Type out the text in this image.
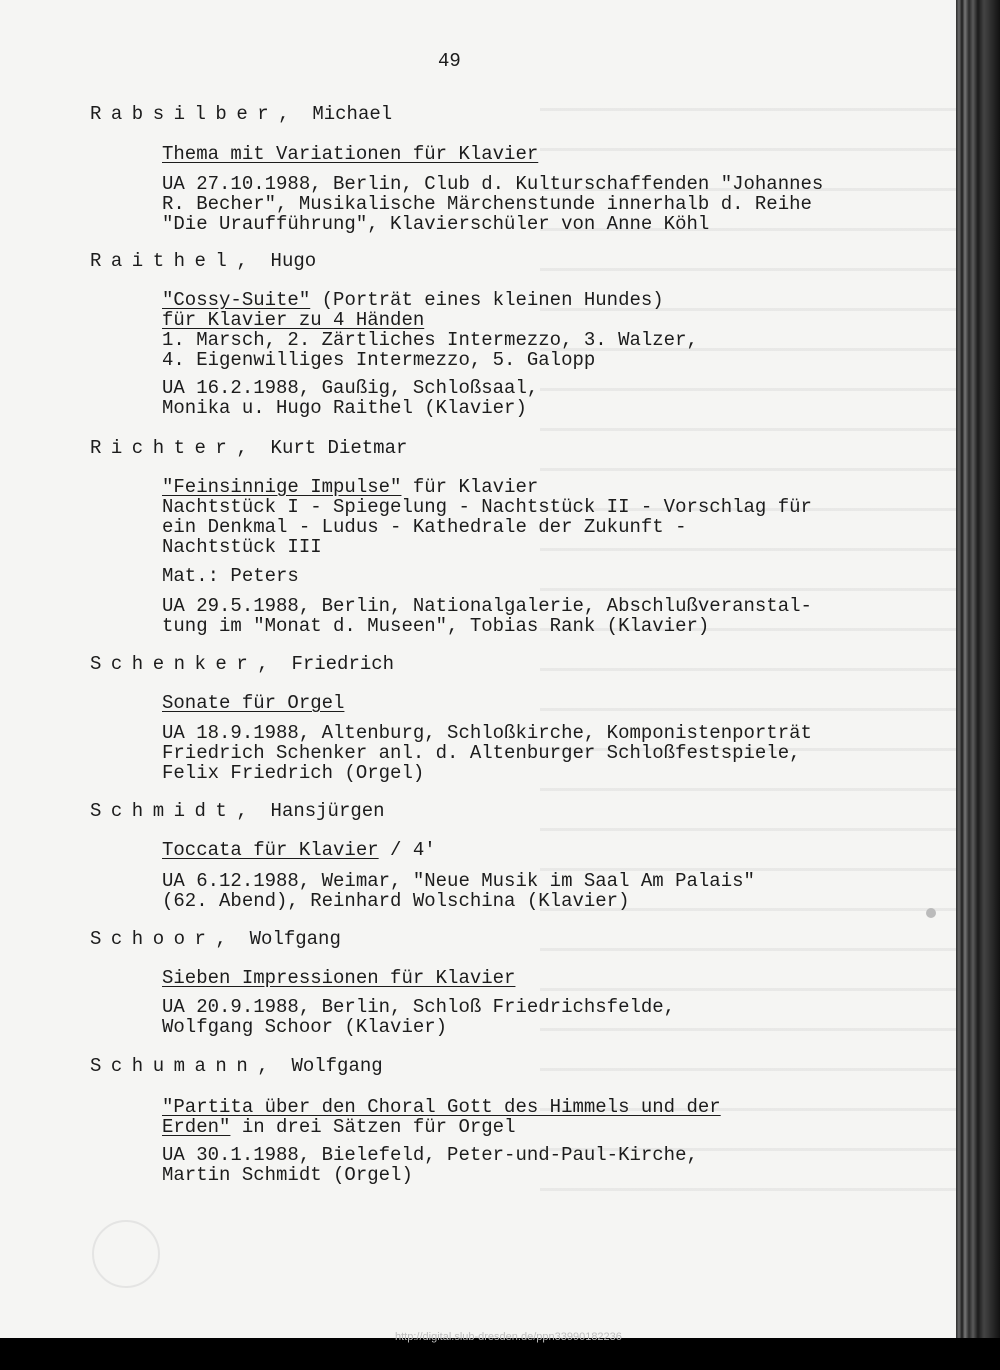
49
Rabsilber,  Michael
Thema mit Variationen für Klavier
UA 27.10.1988, Berlin, Club d. Kulturschaffenden "Johannes
R. Becher", Musikalische Märchenstunde innerhalb d. Reihe
"Die Uraufführung", Klavierschüler von Anne Köhl
Raithel,  Hugo
"Cossy-Suite" (Porträt eines kleinen Hundes)
für Klavier zu 4 Händen
1. Marsch, 2. Zärtliches Intermezzo, 3. Walzer,
4. Eigenwilliges Intermezzo, 5. Galopp
UA 16.2.1988, Gaußig, Schloßsaal,
Monika u. Hugo Raithel (Klavier)
Richter,  Kurt Dietmar
"Feinsinnige Impulse" für Klavier
Nachtstück I - Spiegelung - Nachtstück II - Vorschlag für
ein Denkmal - Ludus - Kathedrale der Zukunft -
Nachtstück III
Mat.: Peters
UA 29.5.1988, Berlin, Nationalgalerie, Abschlußveranstal-
tung im "Monat d. Museen", Tobias Rank (Klavier)
Schenker,  Friedrich
Sonate für Orgel
UA 18.9.1988, Altenburg, Schloßkirche, Komponistenporträt
Friedrich Schenker anl. d. Altenburger Schloßfestspiele,
Felix Friedrich (Orgel)
Schmidt,  Hansjürgen
Toccata für Klavier / 4'
UA 6.12.1988, Weimar, "Neue Musik im Saal Am Palais"
(62. Abend), Reinhard Wolschina (Klavier)
Schoor,  Wolfgang
Sieben Impressionen für Klavier
UA 20.9.1988, Berlin, Schloß Friedrichsfelde,
Wolfgang Schoor (Klavier)
Schumann,  Wolfgang
"Partita über den Choral Gott des Himmels und der
Erden" in drei Sätzen für Orgel
UA 30.1.1988, Bielefeld, Peter-und-Paul-Kirche,
Martin Schmidt (Orgel)
http://digital.slub-dresden.de/ppn33990182236
